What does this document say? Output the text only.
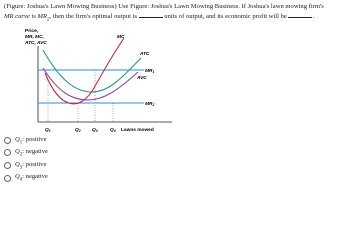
(Figure: Joshua's Lawn Mowing Business) Use Figure: Joshua's Lawn Mowing Business. If Joshua's lawn mowing firm's
MR curve is $MR_2$, then the firm's optimal output is	units of output, and its economic profit will be	.
Price,
MR, MC,
ATC, AVC
MC
ATC
AVC
$MR_1$
$MR_2$
$Q_1$	$Q_2$ $Q_3$	$Q_4$ Lawns mowed
$Q_1$: positive
$Q_2$: negative
$Q_3$: positive
$Q_4$: negative
